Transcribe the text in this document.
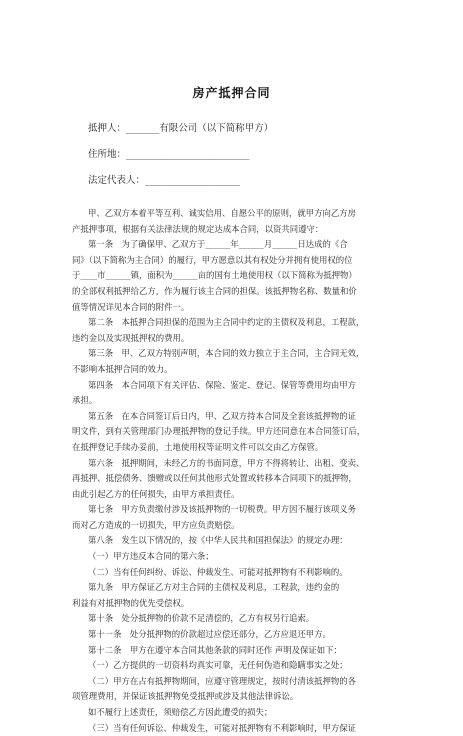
房产抵押合同
抵押人：_______有限公司（以下简称甲方）
住所地：__________________________
法定代表人：____________________
甲、乙双方本着平等互利、诚实信用、自愿公平的原则，就甲方向乙方房
产抵押事项，根据有关法律法规的规定达成本合同，以资共同遵守：
第一条　为了确保甲、乙双方于______年______月______日达成的《合
同》（以下简称为主合同）的履行，甲方愿意以其有权处分并拥有使用权的位
于____市______镇，面积为______亩的国有土地使用权（以下简称为抵押物）
的全部权利抵押给乙方，作为履行该主合同的担保。该抵押物名称、数量和价
值等情况详见本合同的附件一。
第二条　本抵押合同担保的范围为主合同中约定的主债权及利息，工程款，
违约金以及实现抵押权的费用。
第三条　甲、乙双方特别声明，本合同的效力独立于主合同，主合同无效，
不影响本抵押合同的效力。
第四条　本合同项下有关评估、保险、鉴定、登记、保管等费用均由甲方
承担。
第五条　在本合同签订后日内，甲、乙双方持本合同及全套该抵押物的证
明文件，到有关管理部门办理抵押物的登记手续。甲方还同意在本合同签订后，
在抵押登记手续办妥前，土地使用权等证明文件可以交由乙方保管。
第六条　抵押期间，未经乙方的书面同意，甲方不得将转让、出租、变卖、
再抵押、抵偿债务、馈赠或以任何其他形式处置或转移本合同项下的抵押物，
由此引起乙方的任何损失，由甲方承担责任。
第七条　甲方负责缴付涉及该抵押物的一切税费。甲方因不履行该项义务
而对乙方造成的一切损失，甲方应负责赔偿。
第八条　发生以下情况的，按《中华人民共和国担保法》的规定办理：
（一）甲方违反本合同的第六条；
（二）当有任何纠纷、诉讼、仲裁发生、可能对抵押物有不利影响的。
第九条　甲方保证乙方对主合同的主债权及利息，工程款，违约金的
利益有对抵押物的优先受偿权。
第十条　处分抵押物的价款不足清偿的，乙方有权另行追索。
第十一条　处分抵押物的价款超过应偿还部分，乙方应退还甲方。
第十二条　甲方在遵守本合同其他条款的同时还作 声明及保证如下：
（一）乙方提供的一切资料均真实可靠，无任何伪造和隐瞒事实之处；
（二）甲方在占有抵押物期间，应遵守管理规定，按时付清该抵押物的各
项管理费用，并保证该抵押物免受抵押或涉及其他法律诉讼。
如不履行上述责任，须赔偿乙方因此遭受的损失；
（三）当有任何诉讼、仲裁发生，可能对抵押物有不利影响时，甲方保证
